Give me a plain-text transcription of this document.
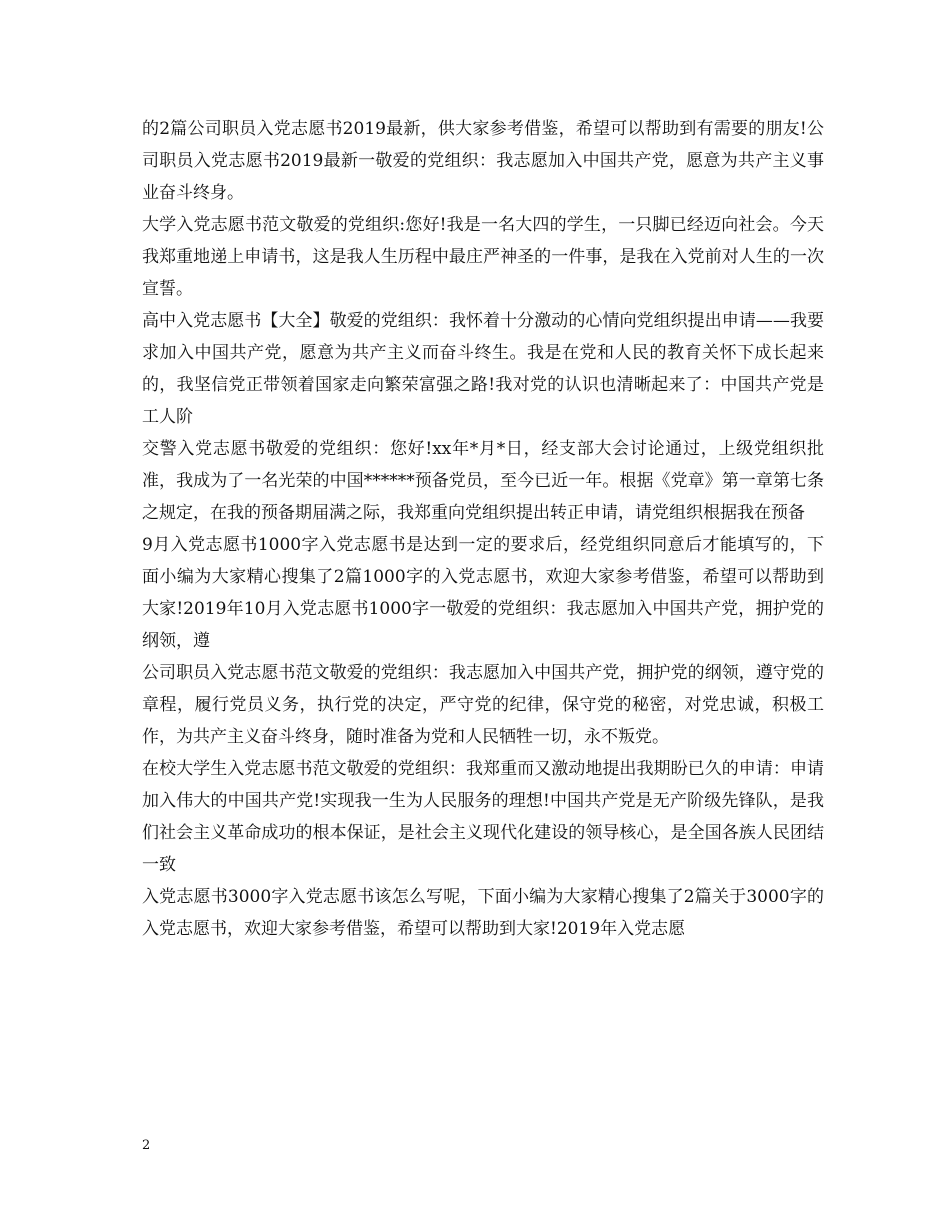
的2篇公司职员入党志愿书2019最新，供大家参考借鉴，希望可以帮助到有需要的朋友!公司职员入党志愿书2019最新一敬爱的党组织：我志愿加入中国共产党，愿意为共产主义事业奋斗终身。

大学入党志愿书范文敬爱的党组织:您好!我是一名大四的学生，一只脚已经迈向社会。今天我郑重地递上申请书，这是我人生历程中最庄严神圣的一件事，是我在入党前对人生的一次宣誓。

高中入党志愿书【大全】敬爱的党组织：我怀着十分激动的心情向党组织提出申请——我要求加入中国共产党，愿意为共产主义而奋斗终生。我是在党和人民的教育关怀下成长起来的，我坚信党正带领着国家走向繁荣富强之路!我对党的认识也清晰起来了：中国共产党是工人阶

交警入党志愿书敬爱的党组织：您好!xx年*月*日，经支部大会讨论通过，上级党组织批准，我成为了一名光荣的中国******预备党员，至今已近一年。根据《党章》第一章第七条之规定，在我的预备期届满之际，我郑重向党组织提出转正申请，请党组织根据我在预备

9月入党志愿书1000字入党志愿书是达到一定的要求后，经党组织同意后才能填写的，下面小编为大家精心搜集了2篇1000字的入党志愿书，欢迎大家参考借鉴，希望可以帮助到大家!2019年10月入党志愿书1000字一敬爱的党组织：我志愿加入中国共产党，拥护党的纲领，遵

公司职员入党志愿书范文敬爱的党组织：我志愿加入中国共产党，拥护党的纲领，遵守党的章程，履行党员义务，执行党的决定，严守党的纪律，保守党的秘密，对党忠诚，积极工作，为共产主义奋斗终身，随时准备为党和人民牺牲一切，永不叛党。

在校大学生入党志愿书范文敬爱的党组织：我郑重而又激动地提出我期盼已久的申请：申请加入伟大的中国共产党!实现我一生为人民服务的理想!中国共产党是无产阶级先锋队，是我们社会主义革命成功的根本保证，是社会主义现代化建设的领导核心，是全国各族人民团结一致

入党志愿书3000字入党志愿书该怎么写呢，下面小编为大家精心搜集了2篇关于3000字的入党志愿书，欢迎大家参考借鉴，希望可以帮助到大家!2019年入党志愿

2
